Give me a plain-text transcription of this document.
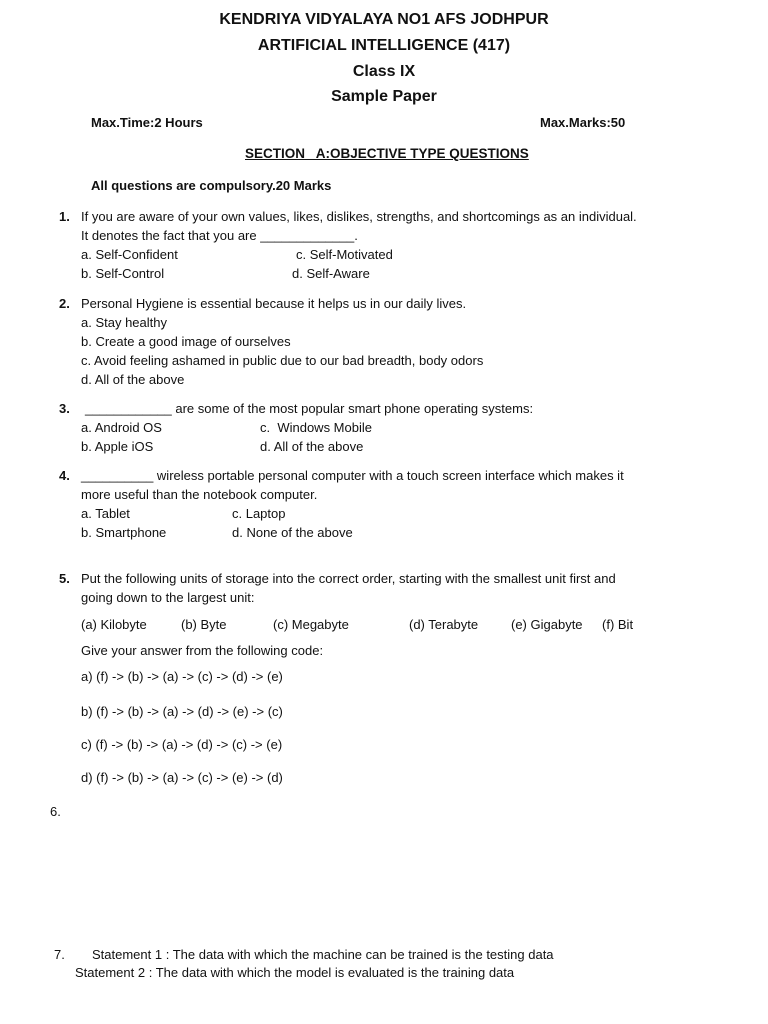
KENDRIYA VIDYALAYA NO1 AFS JODHPUR
ARTIFICIAL INTELLIGENCE (417)
Class IX
Sample Paper
Max.Time:2 Hours	Max.Marks:50
SECTION   A:OBJECTIVE TYPE QUESTIONS
All questions are compulsory.20 Marks
1. If you are aware of your own values, likes, dislikes, strengths, and shortcomings as an individual.
It denotes the fact that you are _____________.
a. Self-Confident
b. Self-Control
c. Self-Motivated
d. Self-Aware
2. Personal Hygiene is essential because it helps us in our daily lives.
a. Stay healthy
b. Create a good image of ourselves
c. Avoid feeling ashamed in public due to our bad breadth, body odors
d. All of the above
3. ____________ are some of the most popular smart phone operating systems:
a. Android OS
b. Apple iOS
c.  Windows Mobile
d. All of the above
4. __________ wireless portable personal computer with a touch screen interface which makes it
more useful than the notebook computer.
a. Tablet
b. Smartphone
c. Laptop
d. None of the above
5. Put the following units of storage into the correct order, starting with the smallest unit first and
going down to the largest unit:
(a) Kilobyte	(b) Byte	(c) Megabyte	(d) Terabyte	(e) Gigabyte (f) Bit
Give your answer from the following code:
a) (f) -> (b) -> (a) -> (c) -> (d) -> (e)
b) (f) -> (b) -> (a) -> (d) -> (e) -> (c)
c) (f) -> (b) -> (a) -> (d) -> (c) -> (e)
d) (f) -> (b) -> (a) -> (c) -> (e) -> (d)
6.
7. Statement 1 : The data with which the machine can be trained is the testing data
Statement 2 : The data with which the model is evaluated is the training data
